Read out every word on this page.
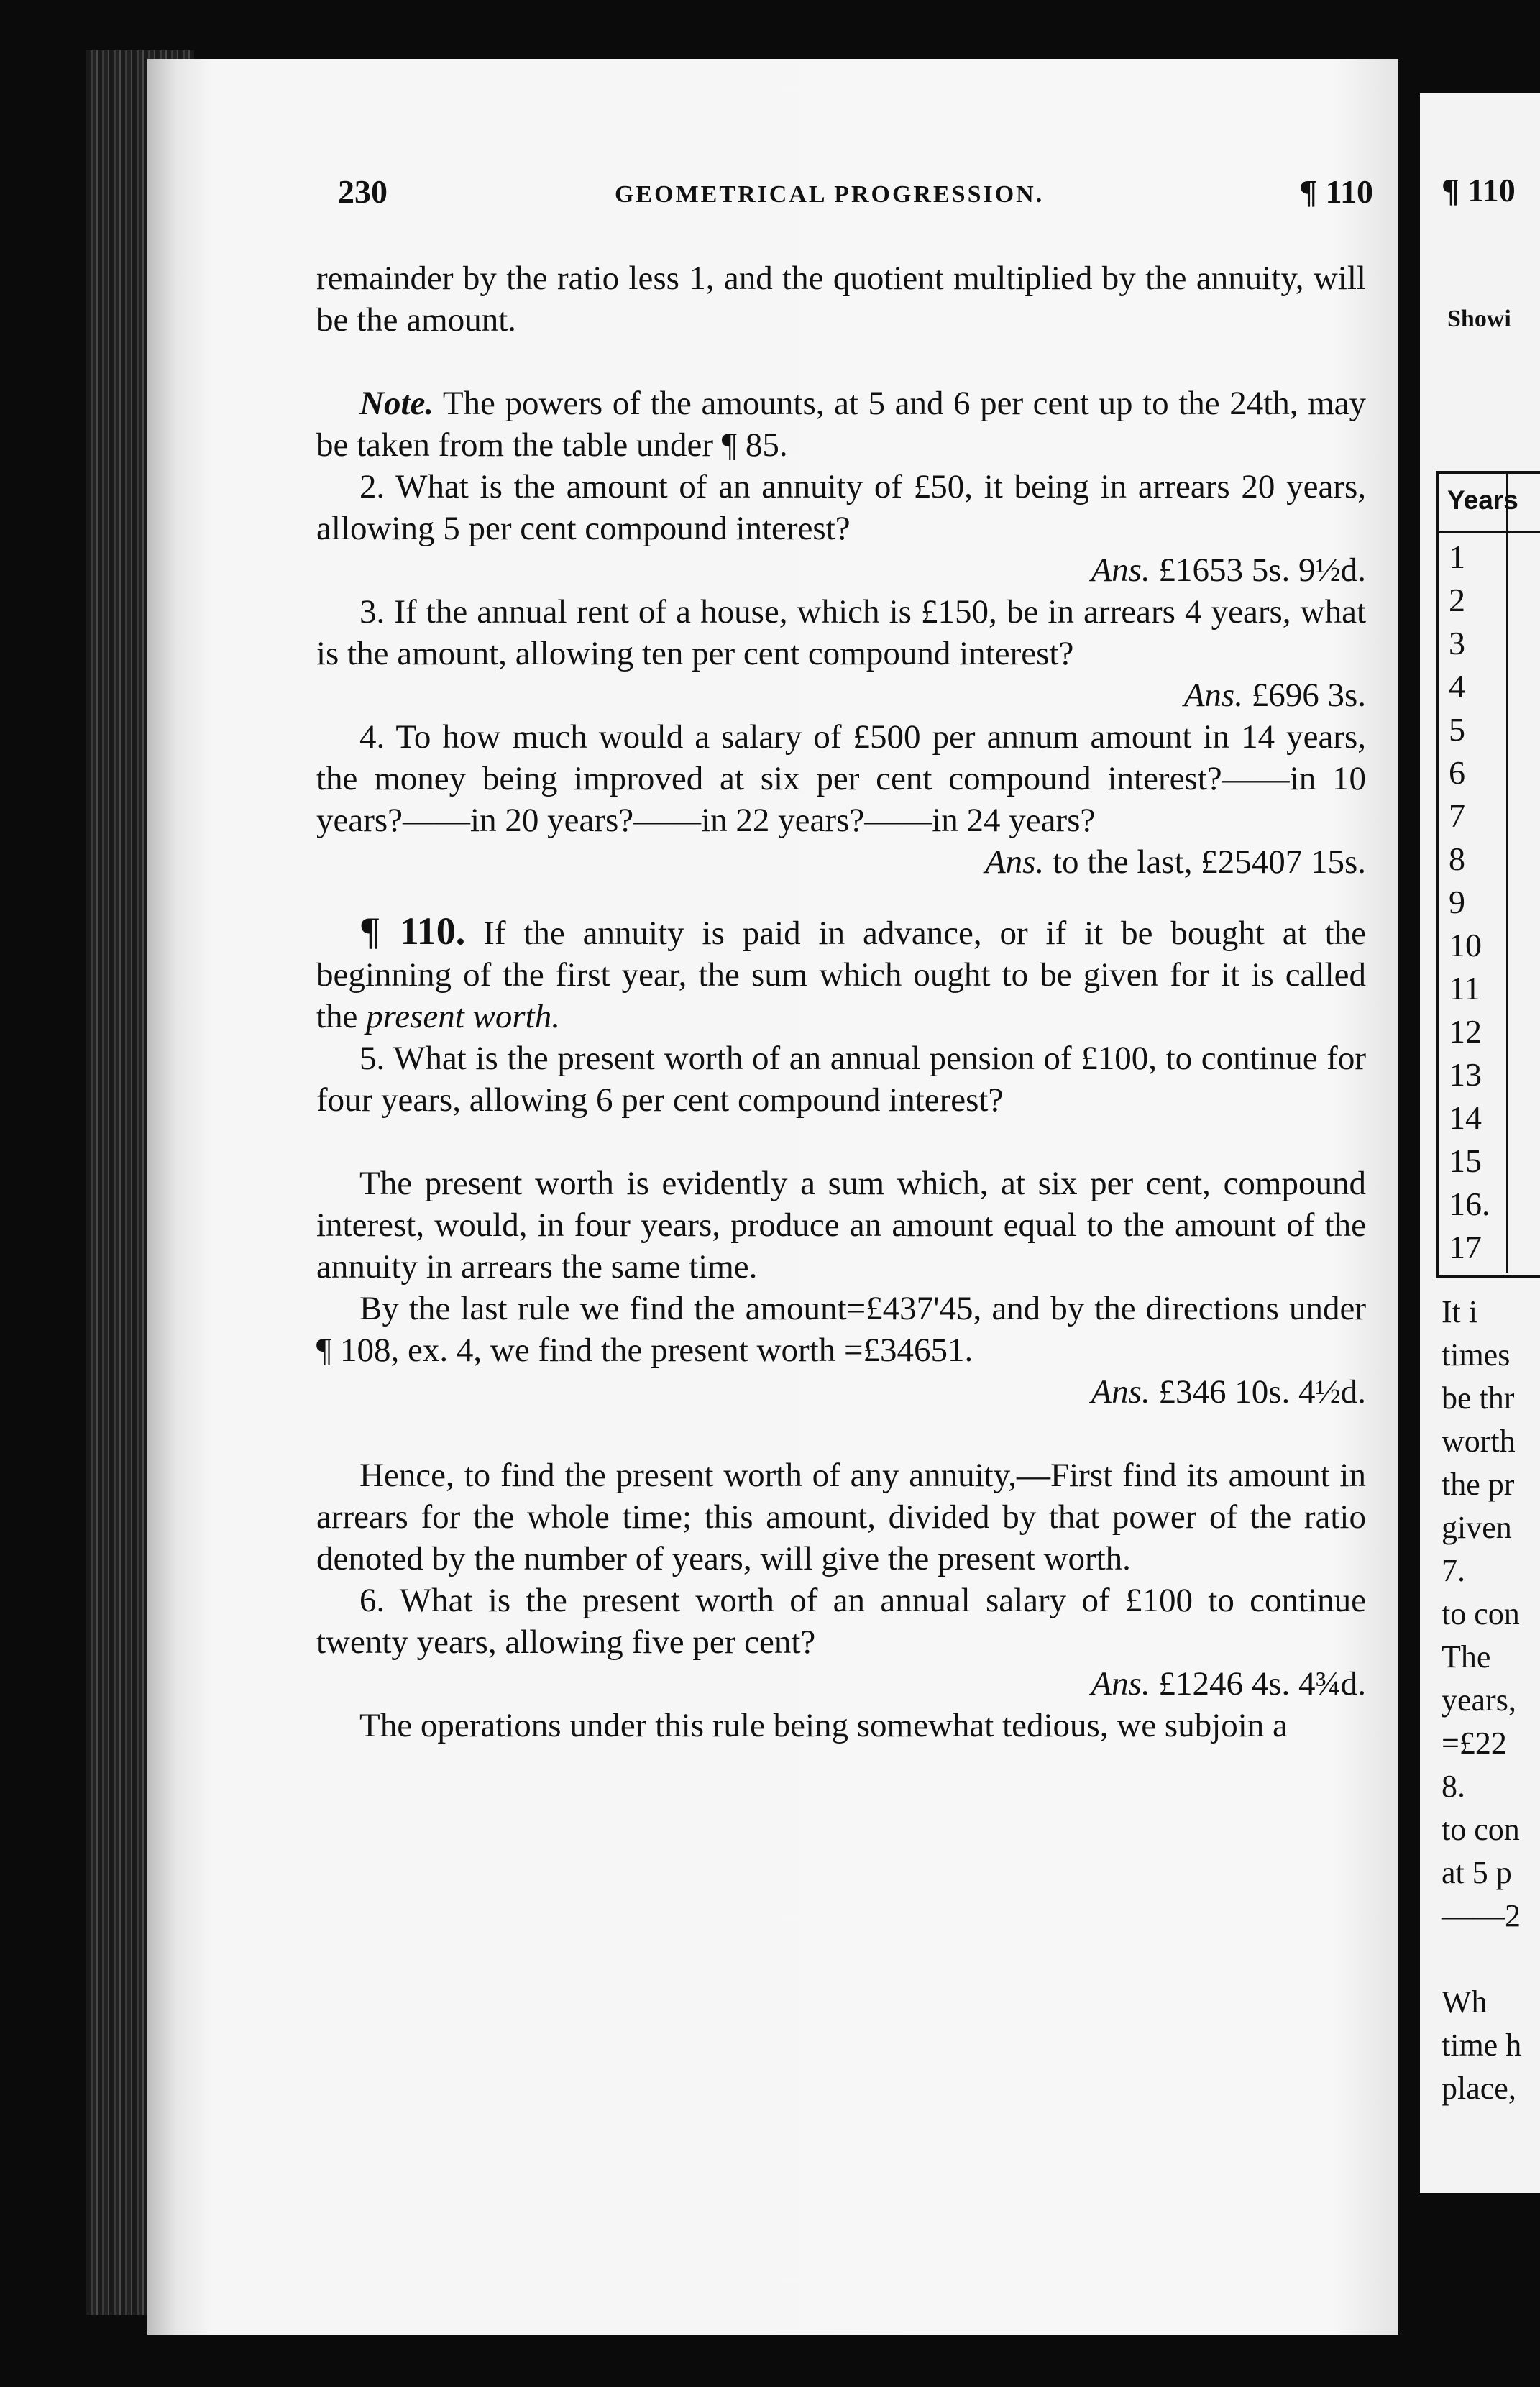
230	GEOMETRICAL PROGRESSION.	¶ 110

remainder by the ratio less 1, and the quotient multiplied by the annuity, will be the amount.

Note. The powers of the amounts, at 5 and 6 per cent up to the 24th, may be taken from the table under ¶ 85.

2. What is the amount of an annuity of £50, it being in arrears 20 years, allowing 5 per cent compound interest?

Ans. £1653 5s. 9½d.

3. If the annual rent of a house, which is £150, be in arrears 4 years, what is the amount, allowing ten per cent compound interest?

Ans. £696 3s.

4. To how much would a salary of £500 per annum amount in 14 years, the money being improved at six per cent compound interest?——in 10 years?——in 20 years?——in 22 years?——in 24 years?

Ans. to the last, £25407 15s.

¶ 110. If the annuity is paid in advance, or if it be bought at the beginning of the first year, the sum which ought to be given for it is called the present worth.

5. What is the present worth of an annual pension of £100, to continue for four years, allowing 6 per cent compound interest?

The present worth is evidently a sum which, at six per cent, compound interest, would, in four years, produce an amount equal to the amount of the annuity in arrears the same time.

By the last rule we find the amount=£437'45, and by the directions under ¶ 108, ex. 4, we find the present worth =£34651.

Ans. £346 10s. 4½d.

Hence, to find the present worth of any annuity,—First find its amount in arrears for the whole time; this amount, divided by that power of the ratio denoted by the number of years, will give the present worth.

6. What is the present worth of an annual salary of £100 to continue twenty years, allowing five per cent?

Ans. £1246 4s. 4¾d.

The operations under this rule being somewhat tedious, we subjoin a

¶ 110
Showi
Years
1
2
3
4
5
6
7
8
9
10
11
12
13
14
15
16.
17
It i
times
be thr
worth
the pr
given
7.
to con
The
years,
=£22
8.
to con
at 5 p
——2
Wh
time h
place,
